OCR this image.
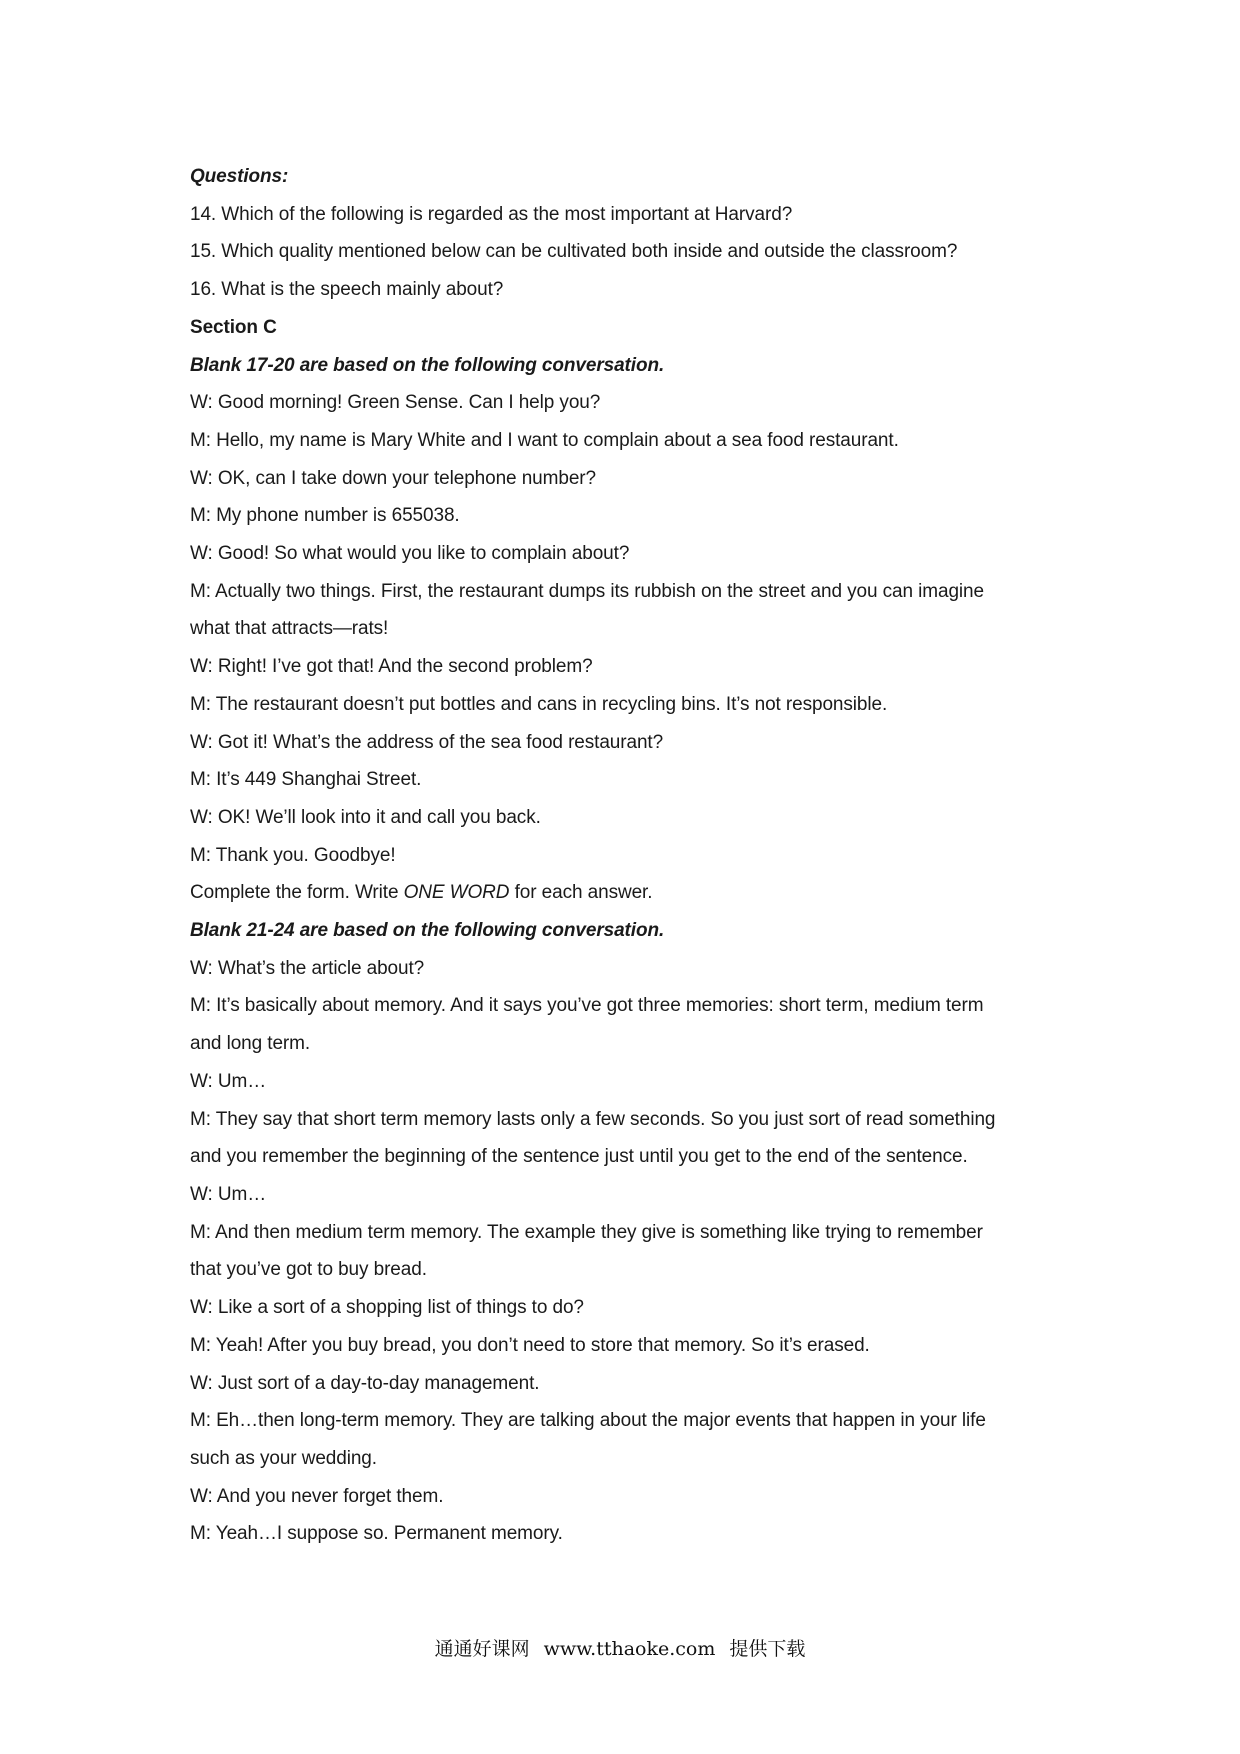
Questions:
14. Which of the following is regarded as the most important at Harvard?
15. Which quality mentioned below can be cultivated both inside and outside the classroom?
16. What is the speech mainly about?
Section C
Blank 17-20 are based on the following conversation.
W: Good morning! Green Sense. Can I help you?
M: Hello, my name is Mary White and I want to complain about a sea food restaurant.
W: OK, can I take down your telephone number?
M: My phone number is 655038.
W: Good! So what would you like to complain about?
M: Actually two things. First, the restaurant dumps its rubbish on the street and you can imagine
what that attracts—rats!
W: Right! I’ve got that! And the second problem?
M: The restaurant doesn’t put bottles and cans in recycling bins. It’s not responsible.
W: Got it! What’s the address of the sea food restaurant?
M: It’s 449 Shanghai Street.
W: OK! We’ll look into it and call you back.
M: Thank you. Goodbye!
Complete the form. Write ONE WORD for each answer.
Blank 21-24 are based on the following conversation.
W: What’s the article about?
M: It’s basically about memory. And it says you’ve got three memories: short term, medium term
and long term.
W: Um…
M: They say that short term memory lasts only a few seconds. So you just sort of read something
and you remember the beginning of the sentence just until you get to the end of the sentence.
W: Um…
M: And then medium term memory. The example they give is something like trying to remember
that you’ve got to buy bread.
W: Like a sort of a shopping list of things to do?
M: Yeah! After you buy bread, you don’t need to store that memory. So it’s erased.
W: Just sort of a day-to-day management.
M: Eh…then long-term memory. They are talking about the major events that happen in your life
such as your wedding.
W: And you never forget them.
M: Yeah…I suppose so. Permanent memory.
通通好课网 www.tthaoke.com 提供下载
